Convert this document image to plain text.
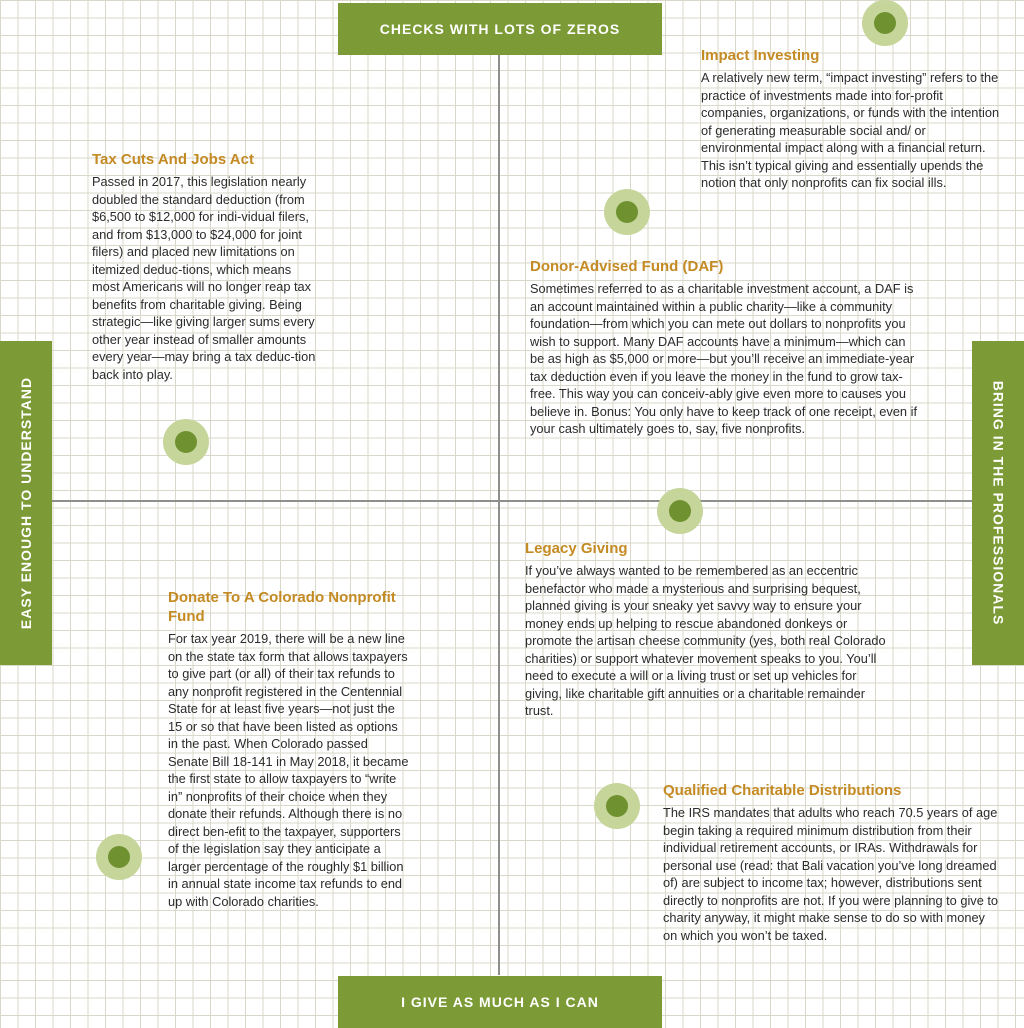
CHECKS WITH LOTS OF ZEROS
I GIVE AS MUCH AS I CAN
EASY ENOUGH TO UNDERSTAND	BRING IN THE PROFESSIONALS
Impact Investing

A relatively new term, “impact investing” refers to the practice of investments made into for-profit companies, organizations, or funds with the intention of generating measurable social and/ or environmental impact along with a financial return. This isn’t typical giving and essentially upends the notion that only nonprofits can fix social ills.

Tax Cuts And Jobs Act

Passed in 2017, this legislation nearly doubled the standard deduction (from $6,500 to $12,000 for indi-vidual filers, and from $13,000 to $24,000 for joint filers) and placed new limitations on itemized deduc-tions, which means most Americans will no longer reap tax benefits from charitable giving. Being strategic—like giving larger sums every other year instead of smaller amounts every year—may bring a tax deduc-tion back into play.

Donor-Advised Fund (DAF)

Sometimes referred to as a charitable investment account, a DAF is an account maintained within a public charity—like a community foundation—from which you can mete out dollars to nonprofits you wish to support. Many DAF accounts have a minimum—which can be as high as $5,000 or more—but you’ll receive an immediate-year tax deduction even if you leave the money in the fund to grow tax-free. This way you can conceiv-ably give even more to causes you believe in. Bonus: You only have to keep track of one receipt, even if your cash ultimately goes to, say, five nonprofits.

Legacy Giving

If you’ve always wanted to be remembered as an eccentric benefactor who made a mysterious and surprising bequest, planned giving is your sneaky yet savvy way to ensure your money ends up helping to rescue abandoned donkeys or promote the artisan cheese community (yes, both real Colorado charities) or support whatever movement speaks to you. You’ll need to execute a will or a living trust or set up vehicles for giving, like charitable gift annuities or a charitable remainder trust.

Donate To A Colorado Nonprofit Fund

For tax year 2019, there will be a new line on the state tax form that allows taxpayers to give part (or all) of their tax refunds to any nonprofit registered in the Centennial State for at least five years—not just the 15 or so that have been listed as options in the past. When Colorado passed Senate Bill 18-141 in May 2018, it became the first state to allow taxpayers to “write in” nonprofits of their choice when they donate their refunds. Although there is no direct ben-efit to the taxpayer, supporters of the legislation say they anticipate a larger percentage of the roughly $1 billion in annual state income tax refunds to end up with Colorado charities.

Qualified Charitable Distributions

The IRS mandates that adults who reach 70.5 years of age begin taking a required minimum distribution from their individual retirement accounts, or IRAs. Withdrawals for personal use (read: that Bali vacation you’ve long dreamed of) are subject to income tax; however, distributions sent directly to nonprofits are not. If you were planning to give to charity anyway, it might make sense to do so with money on which you won’t be taxed.
